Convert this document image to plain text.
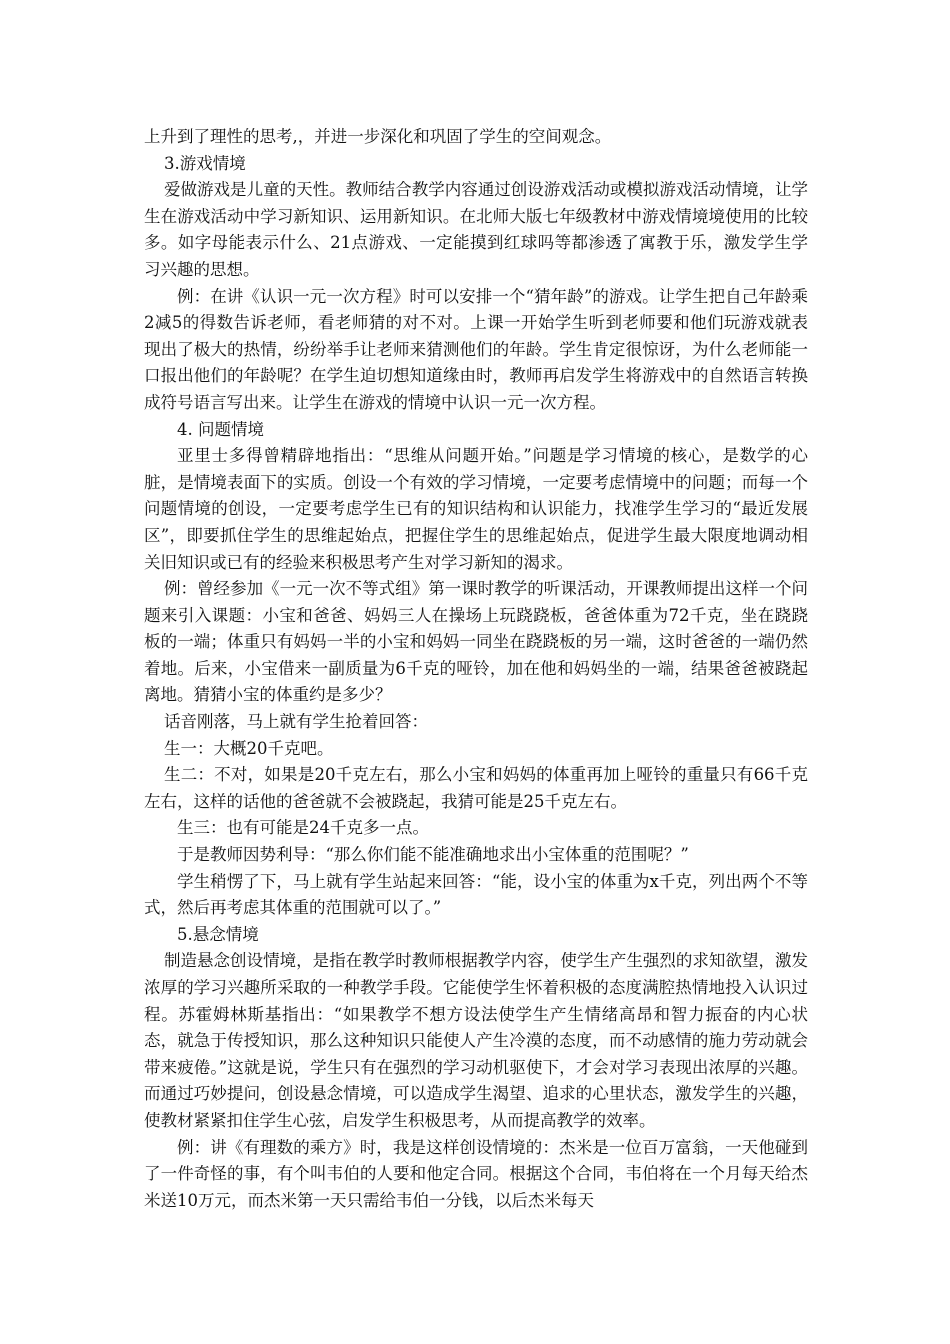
上升到了理性的思考,，并进一步深化和巩固了学生的空间观念。

3.游戏情境

爱做游戏是儿童的天性。教师结合教学内容通过创设游戏活动或模拟游戏活动情境，让学生在游戏活动中学习新知识、运用新知识。在北师大版七年级教材中游戏情境境使用的比较多。如字母能表示什么、21点游戏、一定能摸到红球吗等都渗透了寓教于乐，激发学生学习兴趣的思想。

例：在讲《认识一元一次方程》时可以安排一个“猜年龄”的游戏。让学生把自己年龄乘2减5的得数告诉老师，看老师猜的对不对。上课一开始学生听到老师要和他们玩游戏就表现出了极大的热情，纷纷举手让老师来猜测他们的年龄。学生肯定很惊讶，为什么老师能一口报出他们的年龄呢？在学生迫切想知道缘由时，教师再启发学生将游戏中的自然语言转换成符号语言写出来。让学生在游戏的情境中认识一元一次方程。

4. 问题情境

亚里士多得曾精辟地指出：“思维从问题开始。”问题是学习情境的核心，是数学的心脏，是情境表面下的实质。创设一个有效的学习情境，一定要考虑情境中的问题；而每一个问题情境的创设，一定要考虑学生已有的知识结构和认识能力，找准学生学习的“最近发展区”，即要抓住学生的思维起始点，把握住学生的思维起始点，促进学生最大限度地调动相关旧知识或已有的经验来积极思考产生对学习新知的渴求。

例：曾经参加《一元一次不等式组》第一课时教学的听课活动，开课教师提出这样一个问题来引入课题：小宝和爸爸、妈妈三人在操场上玩跷跷板，爸爸体重为72千克，坐在跷跷板的一端；体重只有妈妈一半的小宝和妈妈一同坐在跷跷板的另一端，这时爸爸的一端仍然着地。后来，小宝借来一副质量为6千克的哑铃，加在他和妈妈坐的一端，结果爸爸被跷起离地。猜猜小宝的体重约是多少？

话音刚落，马上就有学生抢着回答：

生一：大概20千克吧。

生二：不对，如果是20千克左右，那么小宝和妈妈的体重再加上哑铃的重量只有66千克左右，这样的话他的爸爸就不会被跷起，我猜可能是25千克左右。

生三：也有可能是24千克多一点。

于是教师因势利导：“那么你们能不能准确地求出小宝体重的范围呢？”

学生稍愣了下，马上就有学生站起来回答：“能，设小宝的体重为x千克，列出两个不等式，然后再考虑其体重的范围就可以了。”

5.悬念情境

制造悬念创设情境，是指在教学时教师根据教学内容，使学生产生强烈的求知欲望，激发浓厚的学习兴趣所采取的一种教学手段。它能使学生怀着积极的态度满腔热情地投入认识过程。苏霍姆林斯基指出：“如果教学不想方设法使学生产生情绪高昂和智力振奋的内心状态，就急于传授知识，那么这种知识只能使人产生冷漠的态度，而不动感情的施力劳动就会带来疲倦。”这就是说，学生只有在强烈的学习动机驱使下，才会对学习表现出浓厚的兴趣。而通过巧妙提问，创设悬念情境，可以造成学生渴望、追求的心里状态，激发学生的兴趣，使教材紧紧扣住学生心弦，启发学生积极思考，从而提高教学的效率。

例：讲《有理数的乘方》时，我是这样创设情境的：杰米是一位百万富翁，一天他碰到了一件奇怪的事，有个叫韦伯的人要和他定合同。根据这个合同，韦伯将在一个月每天给杰米送10万元，而杰米第一天只需给韦伯一分钱，以后杰米每天
